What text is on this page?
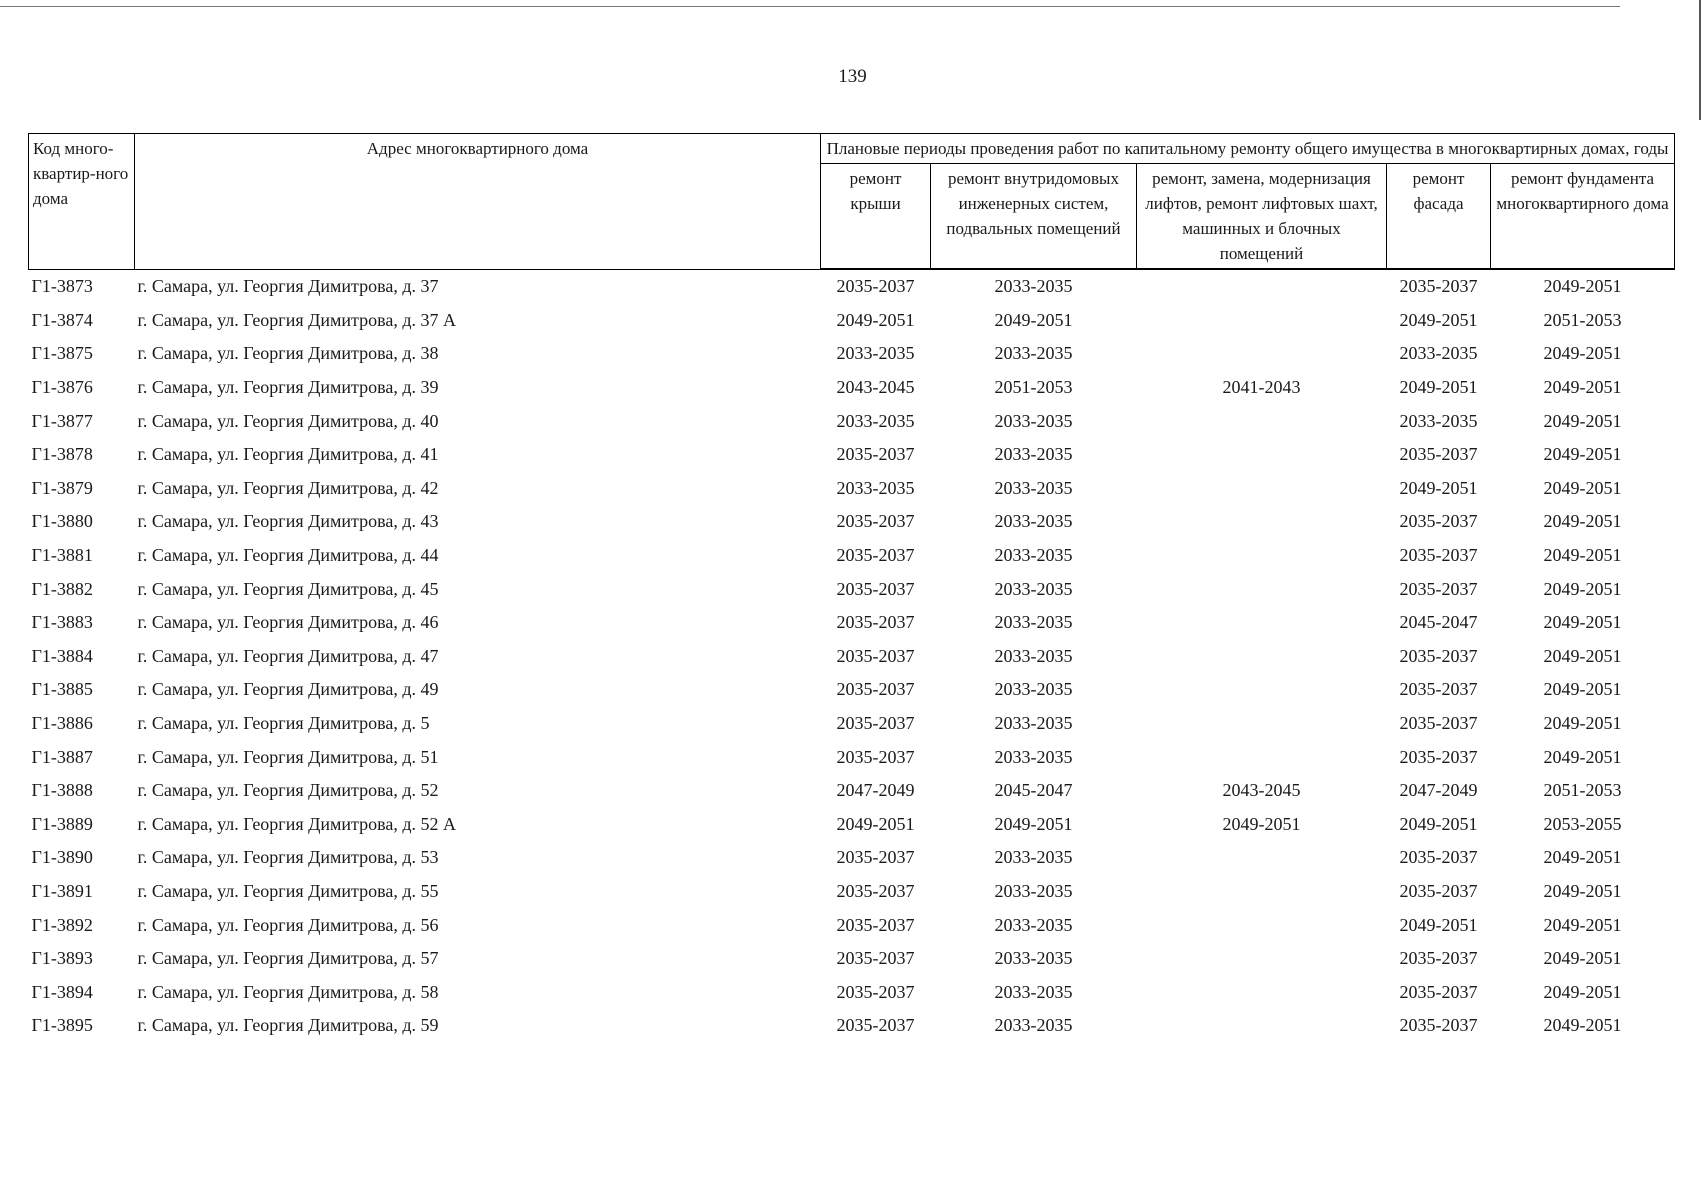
139
Код много-квартир-ного дома	Адрес многоквартирного дома	Плановые периоды проведения работ по капитальному ремонту общего имущества в многоквартирных домах, годы				
		ремонт крыши	ремонт внутридомовых инженерных систем, подвальных помещений	ремонт, замена, модернизация лифтов, ремонт лифтовых шахт, машинных и блочных помещений	ремонт фасада	ремонт фундамента многоквартирного дома
Г1-3873	г. Самара, ул. Георгия Димитрова, д. 37	2035-2037	2033-2035		2035-2037	2049-2051
Г1-3874	г. Самара, ул. Георгия Димитрова, д. 37 А	2049-2051	2049-2051		2049-2051	2051-2053
Г1-3875	г. Самара, ул. Георгия Димитрова, д. 38	2033-2035	2033-2035		2033-2035	2049-2051
Г1-3876	г. Самара, ул. Георгия Димитрова, д. 39	2043-2045	2051-2053	2041-2043	2049-2051	2049-2051
Г1-3877	г. Самара, ул. Георгия Димитрова, д. 40	2033-2035	2033-2035		2033-2035	2049-2051
Г1-3878	г. Самара, ул. Георгия Димитрова, д. 41	2035-2037	2033-2035		2035-2037	2049-2051
Г1-3879	г. Самара, ул. Георгия Димитрова, д. 42	2033-2035	2033-2035		2049-2051	2049-2051
Г1-3880	г. Самара, ул. Георгия Димитрова, д. 43	2035-2037	2033-2035		2035-2037	2049-2051
Г1-3881	г. Самара, ул. Георгия Димитрова, д. 44	2035-2037	2033-2035		2035-2037	2049-2051
Г1-3882	г. Самара, ул. Георгия Димитрова, д. 45	2035-2037	2033-2035		2035-2037	2049-2051
Г1-3883	г. Самара, ул. Георгия Димитрова, д. 46	2035-2037	2033-2035		2045-2047	2049-2051
Г1-3884	г. Самара, ул. Георгия Димитрова, д. 47	2035-2037	2033-2035		2035-2037	2049-2051
Г1-3885	г. Самара, ул. Георгия Димитрова, д. 49	2035-2037	2033-2035		2035-2037	2049-2051
Г1-3886	г. Самара, ул. Георгия Димитрова, д. 5	2035-2037	2033-2035		2035-2037	2049-2051
Г1-3887	г. Самара, ул. Георгия Димитрова, д. 51	2035-2037	2033-2035		2035-2037	2049-2051
Г1-3888	г. Самара, ул. Георгия Димитрова, д. 52	2047-2049	2045-2047	2043-2045	2047-2049	2051-2053
Г1-3889	г. Самара, ул. Георгия Димитрова, д. 52 А	2049-2051	2049-2051	2049-2051	2049-2051	2053-2055
Г1-3890	г. Самара, ул. Георгия Димитрова, д. 53	2035-2037	2033-2035		2035-2037	2049-2051
Г1-3891	г. Самара, ул. Георгия Димитрова, д. 55	2035-2037	2033-2035		2035-2037	2049-2051
Г1-3892	г. Самара, ул. Георгия Димитрова, д. 56	2035-2037	2033-2035		2049-2051	2049-2051
Г1-3893	г. Самара, ул. Георгия Димитрова, д. 57	2035-2037	2033-2035		2035-2037	2049-2051
Г1-3894	г. Самара, ул. Георгия Димитрова, д. 58	2035-2037	2033-2035		2035-2037	2049-2051
Г1-3895	г. Самара, ул. Георгия Димитрова, д. 59	2035-2037	2033-2035		2035-2037	2049-2051
